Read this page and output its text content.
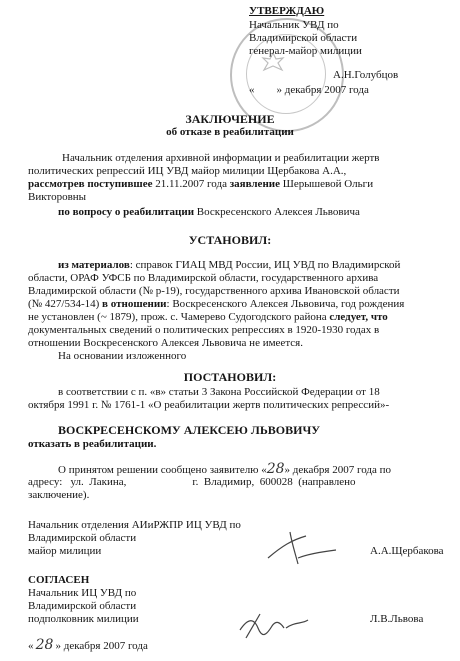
УТВЕРЖДАЮ
Начальник УВД по
Владимирской области
генерал-майор милиции
А.Н.Голубцов
« » декабря 2007 года
ЗАКЛЮЧЕНИЕ
об отказе в реабилитации
Начальник отделения архивной информации и реабилитации жертв
политических репрессий ИЦ УВД майор милиции Щербакова А.А.,
рассмотрев поступившее 21.11.2007 года заявление Шерышевой Ольги
Викторовны
по вопросу о реабилитации Воскресенского Алексея Львовича
УСТАНОВИЛ:
из материалов: справок ГИАЦ МВД России, ИЦ УВД по Владимирской
области, ОРАФ УФСБ по Владимирской области, государственного архива
Владимирской области (№ р-19), государственного архива Ивановской области
(№ 427/534-14) в отношении: Воскресенского Алексея Львовича, год рождения
не установлен (~ 1879), прож. с. Чамерево Судогодского района следует, что
документальных сведений о политических репрессиях в 1920-1930 годах в
отношении Воскресенского Алексея Львовича не имеется.
На основании изложенного
ПОСТАНОВИЛ:
в соответствии с п. «в» статьи 3 Закона Российской Федерации от 18
октября 1991 г. № 1761-1 «О реабилитации жертв политических репрессий»-
ВОСКРЕСЕНСКОМУ АЛЕКСЕЮ ЛЬВОВИЧУ
отказать в реабилитации.
О принятом решении сообщено заявителю «28» декабря 2007 года по
адресу:   ул.  Лакина,                        г.  Владимир,  600028  (направлено
заключение).
Начальник отделения АИиРЖПР ИЦ УВД по
Владимирской области
майор милиции	А.А.Щербакова
СОГЛАСЕН
Начальник ИЦ УВД по
Владимирской области
подполковник милиции	Л.В.Львова
« 28 » декабря 2007 года
